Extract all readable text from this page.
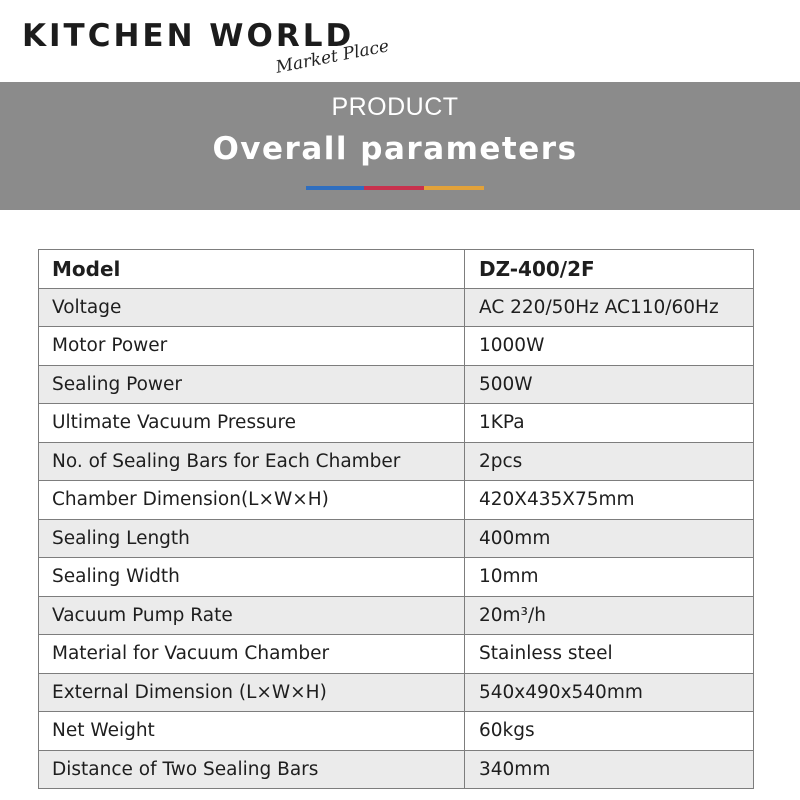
KITCHEN WORLD
Market Place
PRODUCT
Overall parameters
Model	DZ-400/2F
Voltage	AC 220/50Hz AC110/60Hz
Motor Power	1000W
Sealing Power	500W
Ultimate Vacuum Pressure	1KPa
No. of Sealing Bars for Each Chamber	2pcs
Chamber Dimension(L×W×H)	420X435X75mm
Sealing Length	400mm
Sealing Width	10mm
Vacuum Pump Rate	20m³/h
Material for Vacuum Chamber	Stainless steel
External Dimension (L×W×H)	540x490x540mm
Net Weight	60kgs
Distance of Two Sealing Bars	340mm
